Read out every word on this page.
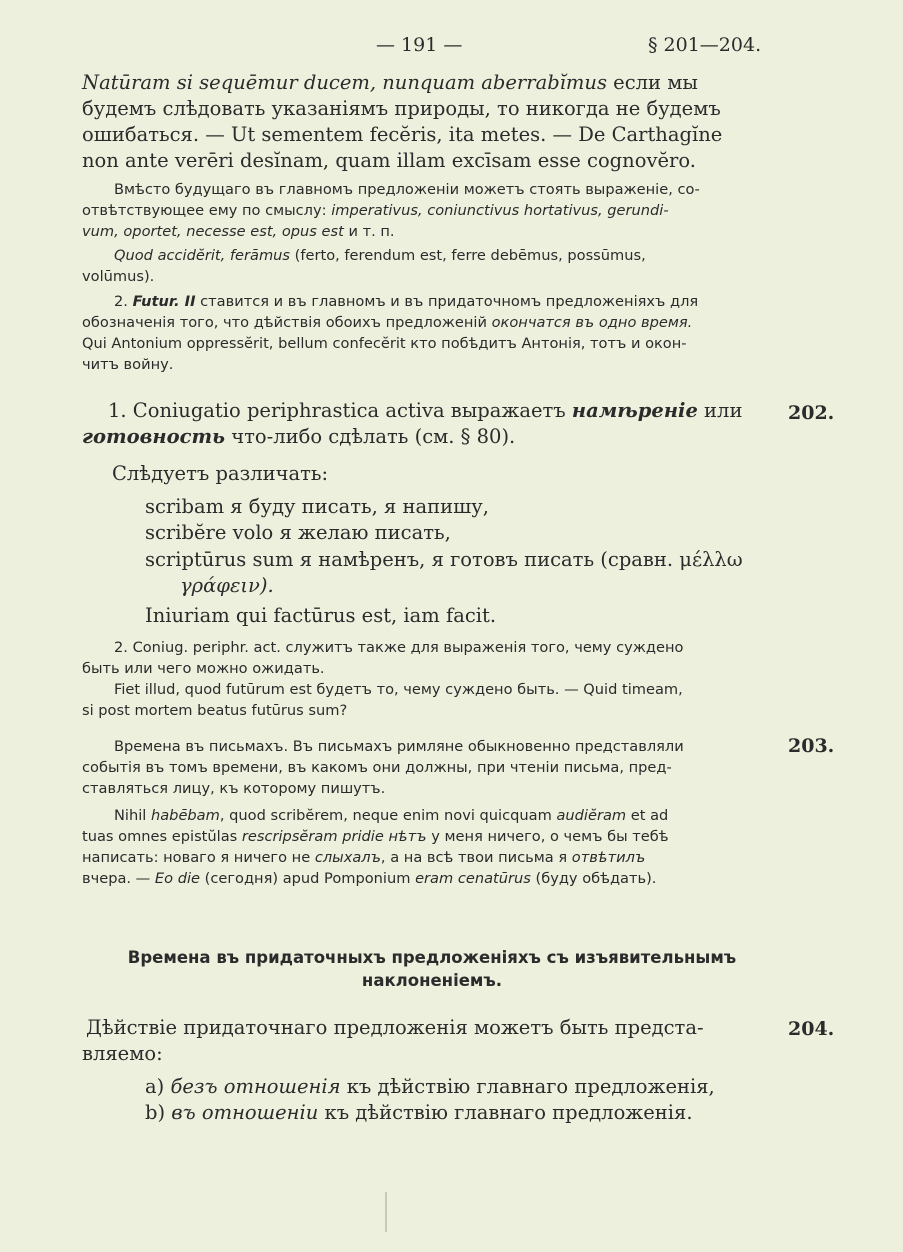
— 191 —	§ 201—204.

Natūram si sequēmur ducem, nunquam aberrabĭmus если мы

будемъ слѣдовать указаніямъ природы, то никогда не будемъ

ошибаться. — Ut sementem fecĕris, ita metes. — De Carthagĭne

non ante verēri desĭnam, quam illam excīsam esse cognovĕro.

Вмѣсто будущаго въ главномъ предложеніи можетъ стоять выраженіе, со-

отвѣтствующее ему по смыслу: imperativus, coniunctivus hortativus, gerundi-

vum, oportet, necesse est, opus est и т. п.

Quod accidĕrit, ferāmus (ferto, ferendum est, ferre debēmus, possūmus,

volūmus).

2. Futur. II ставится и въ главномъ и въ придаточномъ предложеніяхъ для

обозначенія того, что дѣйствія обоихъ предложеній окончатся въ одно время.

Qui Antonium oppressĕrit, bellum confecĕrit кто побѣдитъ Антонія, тотъ и окон-

читъ войну.

202.

1. Coniugatio periphrastica activa выражаетъ намѣреніе или

готовность что-либо сдѣлать (см. § 80).

Слѣдуетъ различать:

scribam я буду писать, я напишу,
scribĕre volo я желаю писать,
scriptūrus sum я намѣренъ, я готовъ писать (сравн. μέλλω
γράφειν).
Iniuriam qui factūrus est, iam facit.

2. Coniug. periphr. act. служитъ также для выраженія того, чему суждено

быть или чего можно ожидать.

Fiet illud, quod futūrum est будетъ то, чему суждено быть. — Quid timeam,

si post mortem beatus futūrus sum?

203.

Времена въ письмахъ. Въ письмахъ римляне обыкновенно представляли

событія въ томъ времени, въ какомъ они должны, при чтеніи письма, пред-

ставляться лицу, къ которому пишутъ.

Nihil habēbam, quod scribĕrem, neque enim novi quicquam audiĕram et ad

tuas omnes epistŭlas rescripsĕram pridie нѣтъ у меня ничего, о чемъ бы тебѣ

написать: новаго я ничего не слыхалъ, а на всѣ твои письма я отвѣтилъ

вчера. — Eo die (сегодня) apud Pomponium eram cenatūrus (буду обѣдать).

Времена въ придаточныхъ предложеніяхъ съ изъявительнымъ

наклоненіемъ.

204.

Дѣйствіе придаточнаго предложенія можетъ быть предста-

вляемо:

a) безъ отношенія къ дѣйствію главнаго предложенія,
b) въ отношеніи къ дѣйствію главнаго предложенія.
